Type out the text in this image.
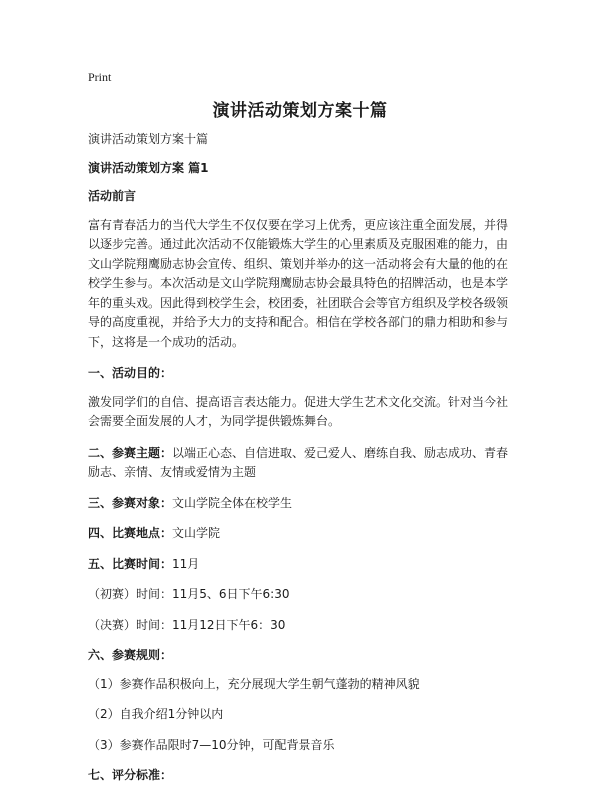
Print
演讲活动策划方案十篇

演讲活动策划方案十篇

演讲活动策划方案 篇1

活动前言

富有青春活力的当代大学生不仅仅要在学习上优秀，更应该注重全面发展，并得以逐步完善。通过此次活动不仅能锻炼大学生的心里素质及克服困难的能力，由文山学院翔鹰励志协会宣传、组织、策划并举办的这一活动将会有大量的他的在校学生参与。本次活动是文山学院翔鹰励志协会最具特色的招牌活动，也是本学年的重头戏。因此得到校学生会，校团委，社团联合会等官方组织及学校各级领导的高度重视，并给予大力的支持和配合。相信在学校各部门的鼎力相助和参与下，这将是一个成功的活动。

一、活动目的：

激发同学们的自信、提高语言表达能力。促进大学生艺术文化交流。针对当今社会需要全面发展的人才，为同学提供锻炼舞台。

二、参赛主题：以端正心态、自信进取、爱己爱人、磨练自我、励志成功、青春励志、亲情、友情或爱情为主题

三、参赛对象：文山学院全体在校学生

四、比赛地点：文山学院

五、比赛时间：11月

（初赛）时间：11月5、6日下午6:30

（决赛）时间：11月12日下午6：30

六、参赛规则：

（1）参赛作品积极向上，充分展现大学生朝气蓬勃的精神风貌

（2）自我介绍1分钟以内

（3）参赛作品限时7—10分钟，可配背景音乐

七、评分标准：
